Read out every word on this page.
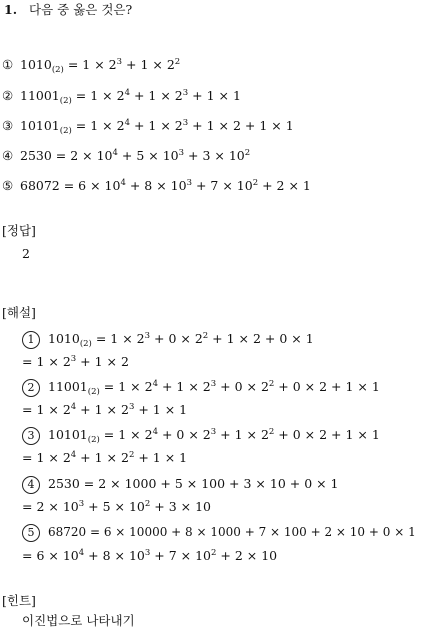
1. 다음 중 옳은 것은?
① $1010_{(2)} = 1 \times 2^3 + 1 \times 2^2$
② $11001_{(2)} = 1 \times 2^4 + 1 \times 2^3 + 1 \times 1$
③ $10101_{(2)} = 1 \times 2^4 + 1 \times 2^3 + 1 \times 2 + 1 \times 1$
④ $2530 = 2 \times 10^4 + 5 \times 10^3 + 3 \times 10^2$
⑤ $68072 = 6 \times 10^4 + 8 \times 10^3 + 7 \times 10^2 + 2 \times 1$
[정답]
2
[해설]
1 $1010_{(2)} = 1 \times 2^3 + 0 \times 2^2 + 1 \times 2 + 0 \times 1$
= $1 \times 2^3 + 1 \times 2$
2 $11001_{(2)} = 1 \times 2^4 + 1 \times 2^3 + 0 \times 2^2 + 0 \times 2 + 1 \times 1$
= $1 \times 2^4 + 1 \times 2^3 + 1 \times 1$
3 $10101_{(2)} = 1 \times 2^4 + 0 \times 2^3 + 1 \times 2^2 + 0 \times 2 + 1 \times 1$
= $1 \times 2^4 + 1 \times 2^2 + 1 \times 1$
4 2530 = 2 × 1000 + 5 × 100 + 3 × 10 + 0 × 1
= $2 \times 10^3 + 5 \times 10^2 + 3 \times 10$
5 68720 = 6 × 10000 + 8 × 1000 + 7 × 100 + 2 × 10 + 0 × 1
= $6 \times 10^4 + 8 \times 10^3 + 7 \times 10^2 + 2 \times 10$
[힌트]
이진법으로 나타내기
